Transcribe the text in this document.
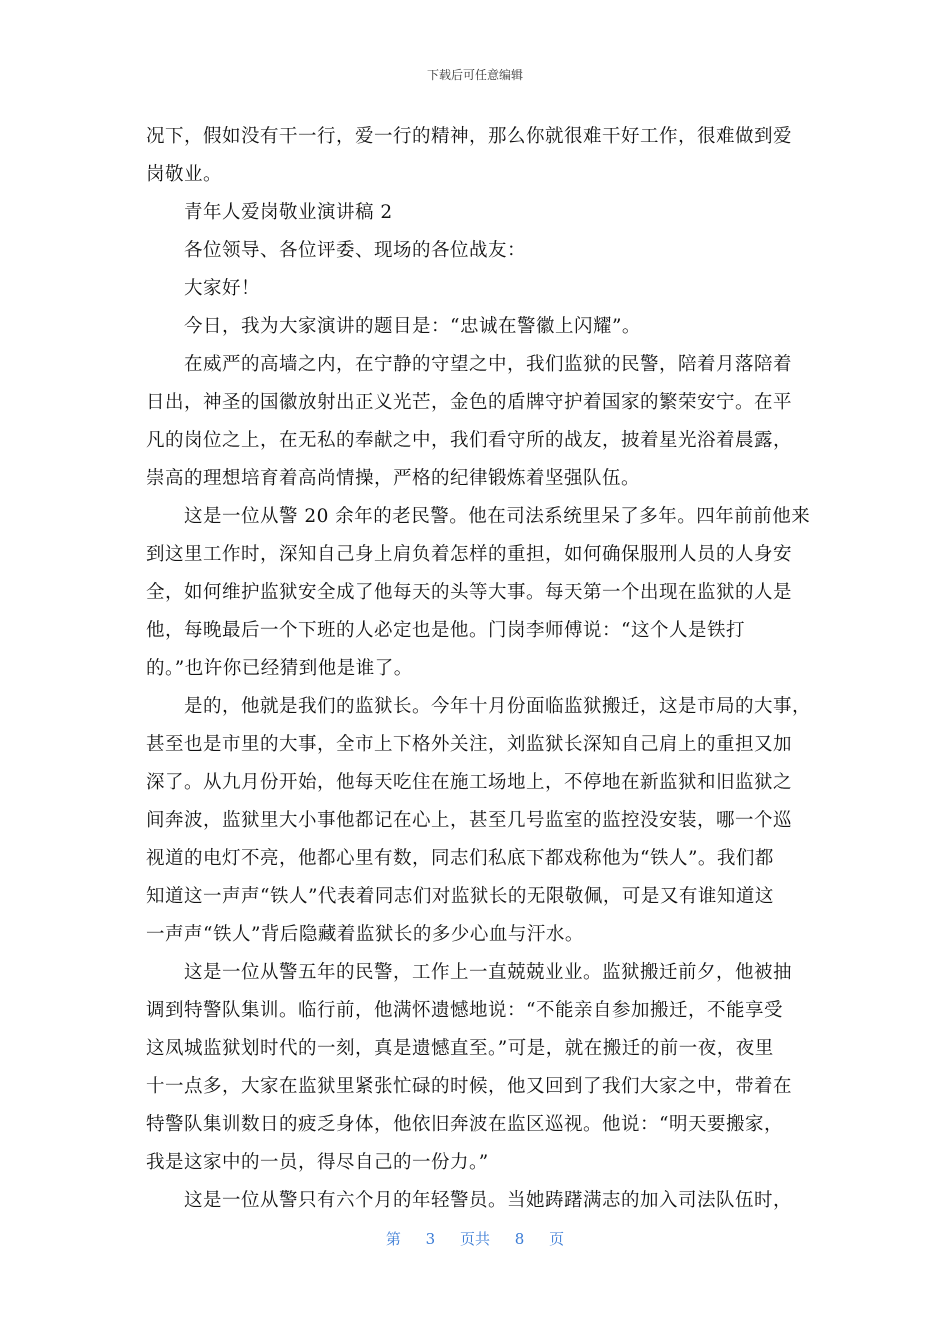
下载后可任意编辑
况下，假如没有干一行，爱一行的精神，那么你就很难干好工作，很难做到爱
岗敬业。
青年人爱岗敬业演讲稿 2
各位领导、各位评委、现场的各位战友：
大家好！
今日，我为大家演讲的题目是：“忠诚在警徽上闪耀”。
在威严的高墙之内，在宁静的守望之中，我们监狱的民警，陪着月落陪着
日出，神圣的国徽放射出正义光芒，金色的盾牌守护着国家的繁荣安宁。在平
凡的岗位之上，在无私的奉献之中，我们看守所的战友，披着星光浴着晨露，
崇高的理想培育着高尚情操，严格的纪律锻炼着坚强队伍。
这是一位从警 20 余年的老民警。他在司法系统里呆了多年。四年前前他来
到这里工作时，深知自己身上肩负着怎样的重担，如何确保服刑人员的人身安
全，如何维护监狱安全成了他每天的头等大事。每天第一个出现在监狱的人是
他，每晚最后一个下班的人必定也是他。门岗李师傅说：“这个人是铁打
的。”也许你已经猜到他是谁了。
是的，他就是我们的监狱长。今年十月份面临监狱搬迁，这是市局的大事，
甚至也是市里的大事，全市上下格外关注，刘监狱长深知自己肩上的重担又加
深了。从九月份开始，他每天吃住在施工场地上，不停地在新监狱和旧监狱之
间奔波，监狱里大小事他都记在心上，甚至几号监室的监控没安装，哪一个巡
视道的电灯不亮，他都心里有数，同志们私底下都戏称他为“铁人”。我们都
知道这一声声“铁人”代表着同志们对监狱长的无限敬佩，可是又有谁知道这
一声声“铁人”背后隐藏着监狱长的多少心血与汗水。
这是一位从警五年的民警，工作上一直兢兢业业。监狱搬迁前夕，他被抽
调到特警队集训。临行前，他满怀遗憾地说：“不能亲自参加搬迁，不能享受
这凤城监狱划时代的一刻，真是遗憾直至。”可是，就在搬迁的前一夜，夜里
十一点多，大家在监狱里紧张忙碌的时候，他又回到了我们大家之中，带着在
特警队集训数日的疲乏身体，他依旧奔波在监区巡视。他说：“明天要搬家，
我是这家中的一员，得尽自己的一份力。”
这是一位从警只有六个月的年轻警员。当她踌躇满志的加入司法队伍时，
第 3 页共 8 页
